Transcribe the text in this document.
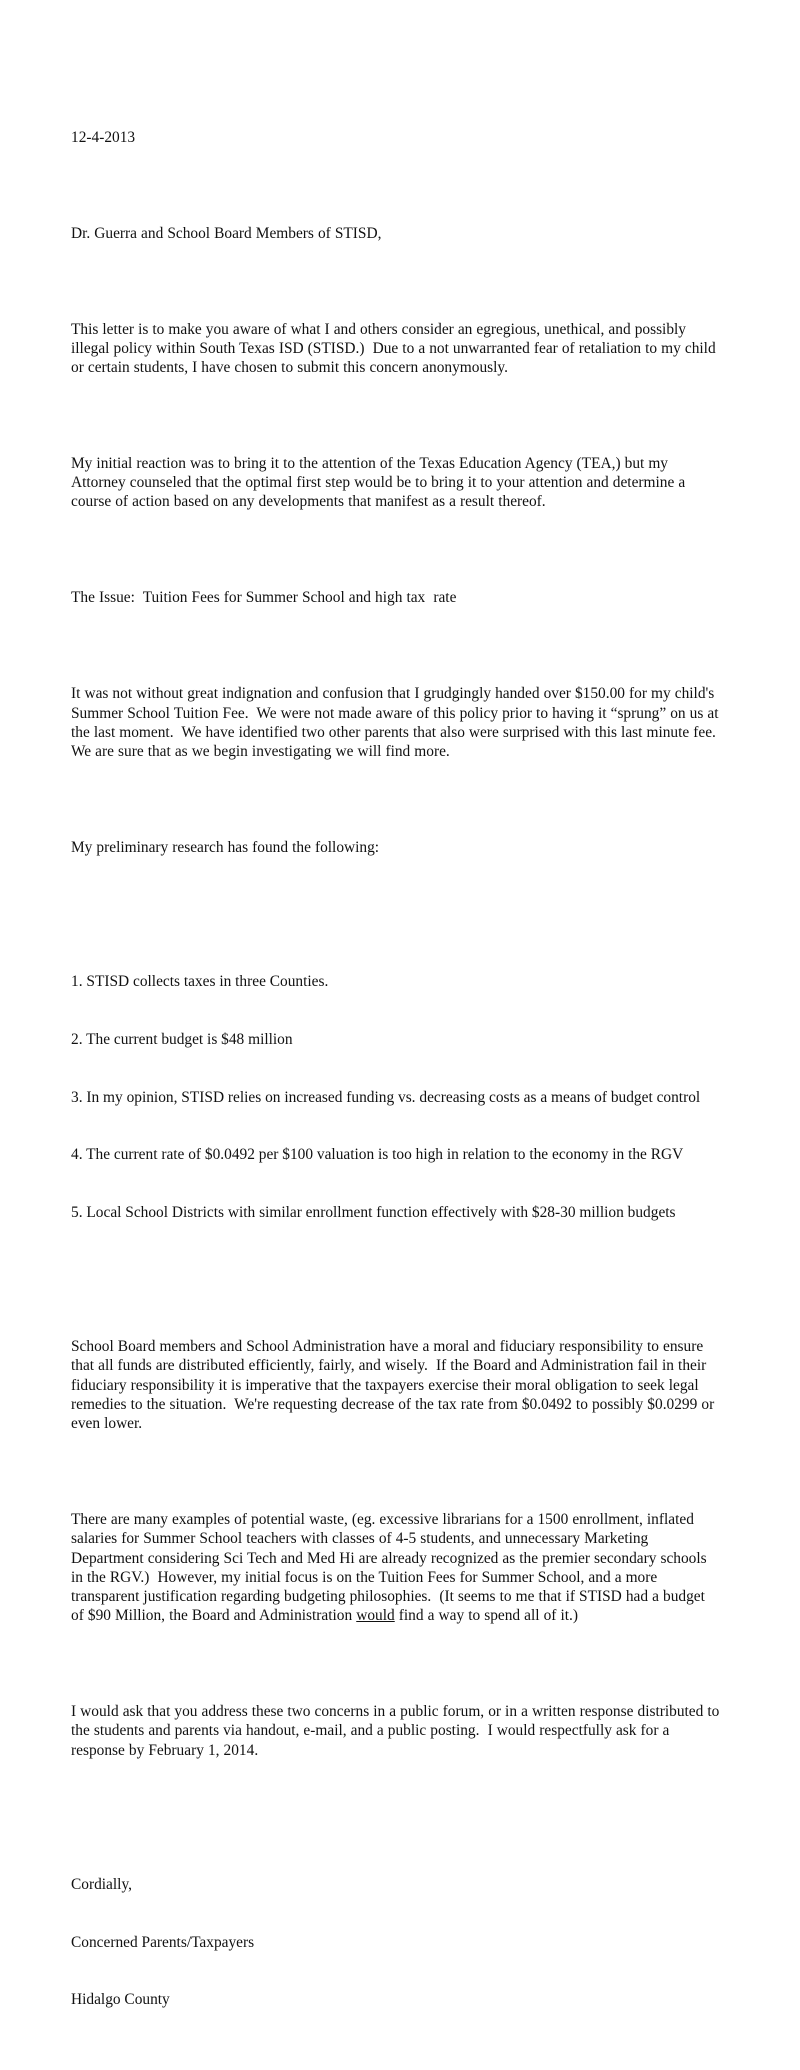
12-4-2013

Dr. Guerra and School Board Members of STISD,

This letter is to make you aware of what I and others consider an egregious, unethical, and possibly illegal policy within South Texas ISD (STISD.)  Due to a not unwarranted fear of retaliation to my child or certain students, I have chosen to submit this concern anonymously.

My initial reaction was to bring it to the attention of the Texas Education Agency (TEA,) but my Attorney counseled that the optimal first step would be to bring it to your attention and determine a course of action based on any developments that manifest as a result thereof.

The Issue:  Tuition Fees for Summer School and high tax  rate

It was not without great indignation and confusion that I grudgingly handed over $150.00 for my child's Summer School Tuition Fee.  We were not made aware of this policy prior to having it “sprung” on us at the last moment.  We have identified two other parents that also were surprised with this last minute fee.  We are sure that as we begin investigating we will find more.

My preliminary research has found the following:

1. STISD collects taxes in three Counties.

2. The current budget is $48 million

3. In my opinion, STISD relies on increased funding vs. decreasing costs as a means of budget control

4. The current rate of $0.0492 per $100 valuation is too high in relation to the economy in the RGV

5. Local School Districts with similar enrollment function effectively with $28-30 million budgets

School Board members and School Administration have a moral and fiduciary responsibility to ensure that all funds are distributed efficiently, fairly, and wisely.  If the Board and Administration fail in their fiduciary responsibility it is imperative that the taxpayers exercise their moral obligation to seek legal remedies to the situation.  We're requesting decrease of the tax rate from $0.0492 to possibly $0.0299 or even lower.

There are many examples of potential waste, (eg. excessive librarians for a 1500 enrollment, inflated salaries for Summer School teachers with classes of 4-5 students, and unnecessary Marketing Department considering Sci Tech and Med Hi are already recognized as the premier secondary schools in the RGV.)  However, my initial focus is on the Tuition Fees for Summer School, and a more transparent justification regarding budgeting philosophies.  (It seems to me that if STISD had a budget of $90 Million, the Board and Administration would find a way to spend all of it.)

I would ask that you address these two concerns in a public forum, or in a written response distributed to the students and parents via handout, e-mail, and a public posting.  I would respectfully ask for a response by February 1, 2014.

Cordially,

Concerned Parents/Taxpayers

Hidalgo County
